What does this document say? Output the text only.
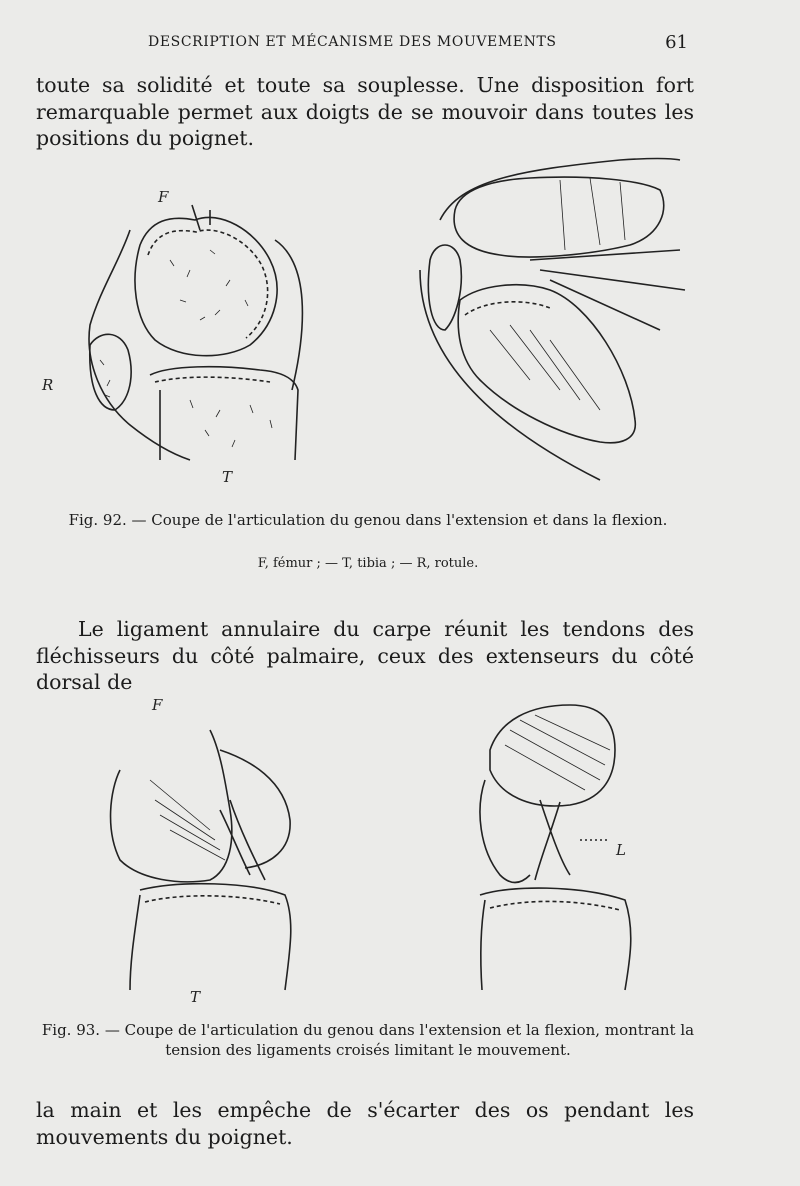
DESCRIPTION ET MÉCANISME DES MOUVEMENTS	61

toute sa solidité et toute sa souplesse. Une disposition fort remarquable permet aux doigts de se mouvoir dans toutes les positions du poignet.

F
T
R

Fig. 92. — Coupe de l'articulation du genou dans l'extension et dans la flexion.

F, fémur ; — T, tibia ; — R, rotule.

Le ligament annulaire du carpe réunit les tendons des fléchisseurs du côté palmaire, ceux des extenseurs du côté dorsal de

F
T
L

Fig. 93. — Coupe de l'articulation du genou dans l'extension et la flexion, montrant la tension des ligaments croisés limitant le mouvement.

la main et les empêche de s'écarter des os pendant les mouvements du poignet.
